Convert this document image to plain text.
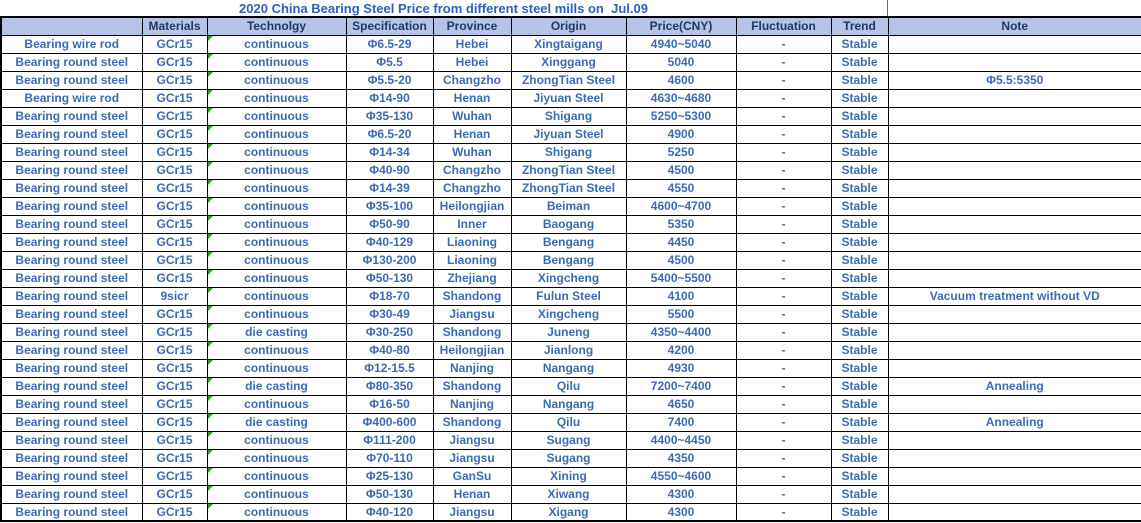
2020 China Bearing Steel Price from different steel mills on  Jul.09
	Materials	Technolgy	Specification	Province	Origin	Price(CNY)	Fluctuation	Trend	Note
Bearing wire rod	GCr15	continuous	Φ6.5-29	Hebei	Xingtaigang	4940~5040	-	Stable	
Bearing round steel	GCr15	continuous	Φ5.5	Hebei	Xinggang	5040	-	Stable	
Bearing round steel	GCr15	continuous	Φ5.5-20	Changzho	ZhongTian Steel	4600	-	Stable	Φ5.5:5350
Bearing wire rod	GCr15	continuous	Φ14-90	Henan	Jiyuan Steel	4630~4680	-	Stable	
Bearing round steel	GCr15	continuous	Φ35-130	Wuhan	Shigang	5250~5300	-	Stable	
Bearing round steel	GCr15	continuous	Φ6.5-20	Henan	Jiyuan Steel	4900	-	Stable	
Bearing round steel	GCr15	continuous	Φ14-34	Wuhan	Shigang	5250	-	Stable	
Bearing round steel	GCr15	continuous	Φ40-90	Changzho	ZhongTian Steel	4500	-	Stable	
Bearing round steel	GCr15	continuous	Φ14-39	Changzho	ZhongTian Steel	4550	-	Stable	
Bearing round steel	GCr15	continuous	Φ35-100	Heilongjian	Beiman	4600~4700	-	Stable	
Bearing round steel	GCr15	continuous	Φ50-90	Inner	Baogang	5350	-	Stable	
Bearing round steel	GCr15	continuous	Φ40-129	Liaoning	Bengang	4450	-	Stable	
Bearing round steel	GCr15	continuous	Φ130-200	Liaoning	Bengang	4500	-	Stable	
Bearing round steel	GCr15	continuous	Φ50-130	Zhejiang	Xingcheng	5400~5500	-	Stable	
Bearing round steel	9sicr	continuous	Φ18-70	Shandong	Fulun Steel	4100	-	Stable	Vacuum treatment without VD
Bearing round steel	GCr15	continuous	Φ30-49	Jiangsu	Xingcheng	5500	-	Stable	
Bearing round steel	GCr15	die casting	Φ30-250	Shandong	Juneng	4350~4400	-	Stable	
Bearing round steel	GCr15	continuous	Φ40-80	Heilongjian	Jianlong	4200	-	Stable	
Bearing round steel	GCr15	continuous	Φ12-15.5	Nanjing	Nangang	4930	-	Stable	
Bearing round steel	GCr15	die casting	Φ80-350	Shandong	Qilu	7200~7400	-	Stable	Annealing
Bearing round steel	GCr15	continuous	Φ16-50	Nanjing	Nangang	4650	-	Stable	
Bearing round steel	GCr15	die casting	Φ400-600	Shandong	Qilu	7400	-	Stable	Annealing
Bearing round steel	GCr15	continuous	Φ111-200	Jiangsu	Sugang	4400~4450	-	Stable	
Bearing round steel	GCr15	continuous	Φ70-110	Jiangsu	Sugang	4350	-	Stable	
Bearing round steel	GCr15	continuous	Φ25-130	GanSu	Xining	4550~4600	-	Stable	
Bearing round steel	GCr15	continuous	Φ50-130	Henan	Xiwang	4300	-	Stable	
Bearing round steel	GCr15	continuous	Φ40-120	Jiangsu	Xigang	4300	-	Stable	
